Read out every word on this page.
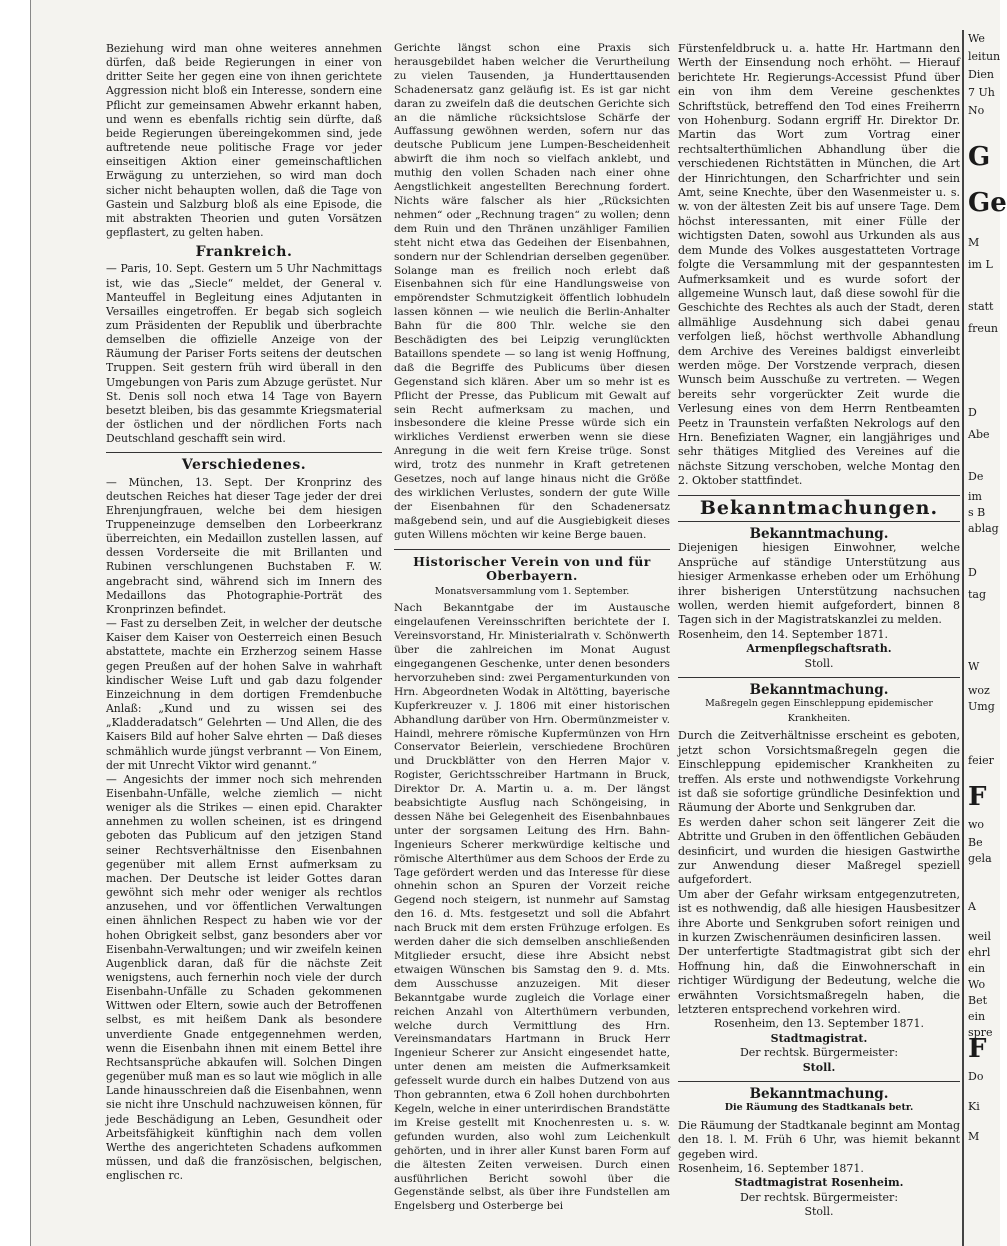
Beziehung wird man ohne weiteres annehmen dürfen, daß beide Regierungen in einer von dritter Seite her gegen eine von ihnen gerichtete Aggression nicht bloß ein Interesse, sondern eine Pflicht zur gemeinsamen Abwehr erkannt haben, und wenn es ebenfalls richtig sein dürfte, daß beide Regierungen übereingekommen sind, jede auftretende neue politische Frage vor jeder einseitigen Aktion einer gemeinschaftlichen Erwägung zu unterziehen, so wird man doch sicher nicht behaupten wollen, daß die Tage von Gastein und Salzburg bloß als eine Episode, die mit abstrakten Theorien und guten Vorsätzen gepflastert, zu gelten haben.

Frankreich.

— Paris, 10. Sept. Gestern um 5 Uhr Nachmittags ist, wie das „Siecle“ meldet, der General v. Manteuffel in Begleitung eines Adjutanten in Versailles eingetroffen. Er begab sich sogleich zum Präsidenten der Republik und überbrachte demselben die offizielle Anzeige von der Räumung der Pariser Forts seitens der deutschen Truppen. Seit gestern früh wird überall in den Umgebungen von Paris zum Abzuge gerüstet. Nur St. Denis soll noch etwa 14 Tage von Bayern besetzt bleiben, bis das gesammte Kriegsmaterial der östlichen und der nördlichen Forts nach Deutschland geschafft sein wird.

Verschiedenes.

— München, 13. Sept. Der Kronprinz des deutschen Reiches hat dieser Tage jeder der drei Ehrenjungfrauen, welche bei dem hiesigen Truppeneinzuge demselben den Lorbeerkranz überreichten, ein Medaillon zustellen lassen, auf dessen Vorderseite die mit Brillanten und Rubinen verschlungenen Buchstaben F. W. angebracht sind, während sich im Innern des Medaillons das Photographie-Porträt des Kronprinzen befindet.

— Fast zu derselben Zeit, in welcher der deutsche Kaiser dem Kaiser von Oesterreich einen Besuch abstattete, machte ein Erzherzog seinem Hasse gegen Preußen auf der hohen Salve in wahrhaft kindischer Weise Luft und gab dazu folgender Einzeichnung in dem dortigen Fremdenbuche Anlaß: „Kund und zu wissen sei des „Kladderadatsch“ Gelehrten — Und Allen, die des Kaisers Bild auf hoher Salve ehrten — Daß dieses schmählich wurde jüngst verbrannt — Von Einem, der mit Unrecht Viktor wird genannt.“

— Angesichts der immer noch sich mehrenden Eisenbahn-Unfälle, welche ziemlich — nicht weniger als die Strikes — einen epid. Charakter annehmen zu wollen scheinen, ist es dringend geboten das Publicum auf den jetzigen Stand seiner Rechtsverhältnisse den Eisenbahnen gegenüber mit allem Ernst aufmerksam zu machen. Der Deutsche ist leider Gottes daran gewöhnt sich mehr oder weniger als rechtlos anzusehen, und vor öffentlichen Verwaltungen einen ähnlichen Respect zu haben wie vor der hohen Obrigkeit selbst, ganz besonders aber vor Eisenbahn-Verwaltungen; und wir zweifeln keinen Augenblick daran, daß für die nächste Zeit wenigstens, auch fernerhin noch viele der durch Eisenbahn-Unfälle zu Schaden gekommenen Wittwen oder Eltern, sowie auch der Betroffenen selbst, es mit heißem Dank als besondere unverdiente Gnade entgegennehmen werden, wenn die Eisenbahn ihnen mit einem Bettel ihre Rechtsansprüche abkaufen will. Solchen Dingen gegenüber muß man es so laut wie möglich in alle Lande hinausschreien daß die Eisenbahnen, wenn sie nicht ihre Unschuld nachzuweisen können, für jede Beschädigung an Leben, Gesundheit oder Arbeitsfähigkeit künftighin nach dem vollen Werthe des angerichteten Schadens aufkommen müssen, und daß die französischen, belgischen, englischen rc.

Gerichte längst schon eine Praxis sich herausgebildet haben welcher die Verurtheilung zu vielen Tausenden, ja Hunderttausenden Schadenersatz ganz geläufig ist. Es ist gar nicht daran zu zweifeln daß die deutschen Gerichte sich an die nämliche rücksichtslose Schärfe der Auffassung gewöhnen werden, sofern nur das deutsche Publicum jene Lumpen-Bescheidenheit abwirft die ihm noch so vielfach anklebt, und muthig den vollen Schaden nach einer ohne Aengstlichkeit angestellten Berechnung fordert. Nichts wäre falscher als hier „Rücksichten nehmen“ oder „Rechnung tragen“ zu wollen; denn dem Ruin und den Thränen unzähliger Familien steht nicht etwa das Gedeihen der Eisenbahnen, sondern nur der Schlendrian derselben gegenüber. Solange man es freilich noch erlebt daß Eisenbahnen sich für eine Handlungsweise von empörendster Schmutzigkeit öffentlich lobhudeln lassen können — wie neulich die Berlin-Anhalter Bahn für die 800 Thlr. welche sie den Beschädigten des bei Leipzig verunglückten Bataillons spendete — so lang ist wenig Hoffnung, daß die Begriffe des Publicums über diesen Gegenstand sich klären. Aber um so mehr ist es Pflicht der Presse, das Publicum mit Gewalt auf sein Recht aufmerksam zu machen, und insbesondere die kleine Presse würde sich ein wirkliches Verdienst erwerben wenn sie diese Anregung in die weit fern Kreise trüge. Sonst wird, trotz des nunmehr in Kraft getretenen Gesetzes, noch auf lange hinaus nicht die Größe des wirklichen Verlustes, sondern der gute Wille der Eisenbahnen für den Schadenersatz maßgebend sein, und auf die Ausgiebigkeit dieses guten Willens möchten wir keine Berge bauen.

Historischer Verein von und für Oberbayern.
Monatsversammlung vom 1. September.

Nach Bekanntgabe der im Austausche eingelaufenen Vereinsschriften berichtete der I. Vereinsvorstand, Hr. Ministerialrath v. Schönwerth über die zahlreichen im Monat August eingegangenen Geschenke, unter denen besonders hervorzuheben sind: zwei Pergamenturkunden von Hrn. Abgeordneten Wodak in Altötting, bayerische Kupferkreuzer v. J. 1806 mit einer historischen Abhandlung darüber von Hrn. Obermünzmeister v. Haindl, mehrere römische Kupfermünzen von Hrn Conservator Beierlein, verschiedene Brochüren und Druckblätter von den Herren Major v. Rogister, Gerichtsschreiber Hartmann in Bruck, Direktor Dr. A. Martin u. a. m. Der längst beabsichtigte Ausflug nach Schöngeising, in dessen Nähe bei Gelegenheit des Eisenbahnbaues unter der sorgsamen Leitung des Hrn. Bahn-Ingenieurs Scherer merkwürdige keltische und römische Alterthümer aus dem Schoos der Erde zu Tage gefördert werden und das Interesse für diese ohnehin schon an Spuren der Vorzeit reiche Gegend noch steigern, ist nunmehr auf Samstag den 16. d. Mts. festgesetzt und soll die Abfahrt nach Bruck mit dem ersten Frühzuge erfolgen. Es werden daher die sich demselben anschließenden Mitglieder ersucht, diese ihre Absicht nebst etwaigen Wünschen bis Samstag den 9. d. Mts. dem Ausschusse anzuzeigen. Mit dieser Bekanntgabe wurde zugleich die Vorlage einer reichen Anzahl von Alterthümern verbunden, welche durch Vermittlung des Hrn. Vereinsmandatars Hartmann in Bruck Herr Ingenieur Scherer zur Ansicht eingesendet hatte, unter denen am meisten die Aufmerksamkeit gefesselt wurde durch ein halbes Dutzend von aus Thon gebrannten, etwa 6 Zoll hohen durchbohrten Kegeln, welche in einer unterirdischen Brandstätte im Kreise gestellt mit Knochenresten u. s. w. gefunden wurden, also wohl zum Leichenkult gehörten, und in ihrer aller Kunst baren Form auf die ältesten Zeiten verweisen. Durch einen ausführlichen Bericht sowohl über die Gegenstände selbst, als über ihre Fundstellen am Engelsberg und Osterberge bei

Fürstenfeldbruck u. a. hatte Hr. Hartmann den Werth der Einsendung noch erhöht. — Hierauf berichtete Hr. Regierungs-Accessist Pfund über ein von ihm dem Vereine geschenktes Schriftstück, betreffend den Tod eines Freiherrn von Hohenburg. Sodann ergriff Hr. Direktor Dr. Martin das Wort zum Vortrag einer rechtsalterthümlichen Abhandlung über die verschiedenen Richtstätten in München, die Art der Hinrichtungen, den Scharfrichter und sein Amt, seine Knechte, über den Wasenmeister u. s. w. von der ältesten Zeit bis auf unsere Tage. Dem höchst interessanten, mit einer Fülle der wichtigsten Daten, sowohl aus Urkunden als aus dem Munde des Volkes ausgestatteten Vortrage folgte die Versammlung mit der gespanntesten Aufmerksamkeit und es wurde sofort der allgemeine Wunsch laut, daß diese sowohl für die Geschichte des Rechtes als auch der Stadt, deren allmählige Ausdehnung sich dabei genau verfolgen ließ, höchst werthvolle Abhandlung dem Archive des Vereines baldigst einverleibt werden möge. Der Vorstzende verprach, diesen Wunsch beim Ausschuße zu vertreten. — Wegen bereits sehr vorgerückter Zeit wurde die Verlesung eines von dem Herrn Rentbeamten Peetz in Traunstein verfaßten Nekrologs auf den Hrn. Benefiziaten Wagner, ein langjähriges und sehr thätiges Mitglied des Vereines auf die nächste Sitzung verschoben, welche Montag den 2. Oktober stattfindet.

Bekanntmachungen.
Bekanntmachung.

Diejenigen hiesigen Einwohner, welche Ansprüche auf ständige Unterstützung aus hiesiger Armenkasse erheben oder um Erhöhung ihrer bisherigen Unterstützung nachsuchen wollen, werden hiemit aufgefordert, binnen 8 Tagen sich in der Magistratskanzlei zu melden.

Rosenheim, den 14. September 1871.

Armenpflegschaftsrath.
Stoll.
Bekanntmachung.
Maßregeln gegen Einschleppung epidemischer Krankheiten.

Durch die Zeitverhältnisse erscheint es geboten, jetzt schon Vorsichtsmaßregeln gegen die Einschleppung epidemischer Krankheiten zu treffen. Als erste und nothwendigste Vorkehrung ist daß sie sofortige gründliche Desinfektion und Räumung der Aborte und Senkgruben dar.

Es werden daher schon seit längerer Zeit die Abtritte und Gruben in den öffentlichen Gebäuden desinficirt, und wurden die hiesigen Gastwirthe zur Anwendung dieser Maßregel speziell aufgefordert.

Um aber der Gefahr wirksam entgegenzutreten, ist es nothwendig, daß alle hiesigen Hausbesitzer ihre Aborte und Senkgruben sofort reinigen und in kurzen Zwischenräumen desinficiren lassen.

Der unterfertigte Stadtmagistrat gibt sich der Hoffnung hin, daß die Einwohnerschaft in richtiger Würdigung der Bedeutung, welche die erwähnten Vorsichtsmaßregeln haben, die letzteren entsprechend vorkehren wird.

Rosenheim, den 13. September 1871.

Stadtmagistrat.
Der rechtsk. Bürgermeister:
Stoll.
Bekanntmachung.
Die Räumung des Stadtkanals betr.

Die Räumung der Stadtkanale beginnt am Montag den 18. l. M. Früh 6 Uhr, was hiemit bekannt gegeben wird.

Rosenheim, 16. September 1871.

Stadtmagistrat Rosenheim.
Der rechtsk. Bürgermeister:
Stoll.
We
leitun
Dien
7 Uh
No
G
Ge
M
im L
statt
freun
D
Abe
De
im
s B
ablag
D
tag
W
woz
Umg
feier
F
wo
Be
gela
A
weil
ehrl
ein
Wo
Bet
ein
spre
F
Do
Ki
M
